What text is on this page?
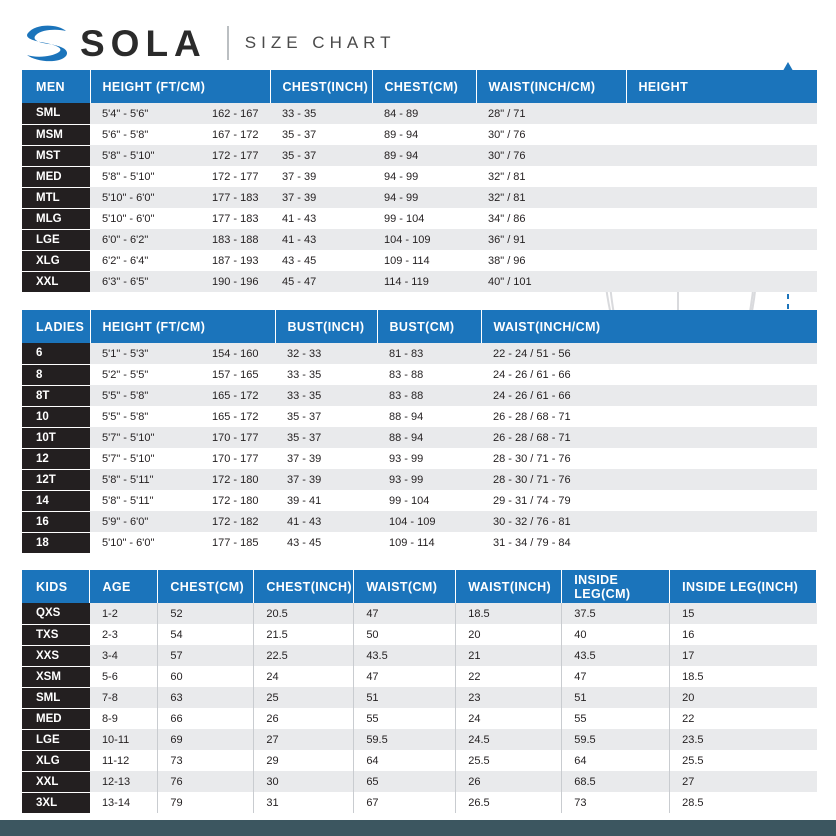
SOLA SIZE CHART
MEN	HEIGHT (FT/CM)	CHEST(INCH)	CHEST(CM)	WAIST(INCH/CM)	HEIGHT
SML	5'4" - 5'6" 162 - 167	33 - 35	84 - 89	28" / 71	
MSM	5'6" - 5'8" 167 - 172	35 - 37	89 - 94	30" / 76	
MST	5'8" - 5'10" 172 - 177	35 - 37	89 - 94	30" / 76	
MED	5'8" - 5'10" 172 - 177	37 - 39	94 - 99	32" / 81	
MTL	5'10" - 6'0" 177 - 183	37 - 39	94 - 99	32" / 81	
MLG	5'10" - 6'0" 177 - 183	41 - 43	99 - 104	34" / 86	
LGE	6'0" - 6'2" 183 - 188	41 - 43	104 - 109	36" / 91	
XLG	6'2" - 6'4" 187 - 193	43 - 45	109 - 114	38" / 96	
XXL	6'3" - 6'5" 190 - 196	45 - 47	114 - 119	40" / 101	
LADIES	HEIGHT (FT/CM)	BUST(INCH)	BUST(CM)	WAIST(INCH/CM)
6	5'1" - 5'3" 154 - 160	32 - 33	81 - 83	22 - 24 / 51 - 56
8	5'2" - 5'5" 157 - 165	33 - 35	83 - 88	24 - 26 / 61 - 66
8T	5'5" - 5'8" 165 - 172	33 - 35	83 - 88	24 - 26 / 61 - 66
10	5'5" - 5'8" 165 - 172	35 - 37	88 - 94	26 - 28 / 68 - 71
10T	5'7" - 5'10" 170 - 177	35 - 37	88 - 94	26 - 28 / 68 - 71
12	5'7" - 5'10" 170 - 177	37 - 39	93 - 99	28 - 30 / 71 - 76
12T	5'8" - 5'11" 172 - 180	37 - 39	93 - 99	28 - 30 / 71 - 76
14	5'8" - 5'11" 172 - 180	39 - 41	99 - 104	29 - 31 / 74 - 79
16	5'9" - 6'0" 172 - 182	41 - 43	104 - 109	30 - 32 / 76 - 81
18	5'10" - 6'0" 177 - 185	43 - 45	109 - 114	31 - 34 / 79 - 84
KIDS	AGE	CHEST(CM)	CHEST(INCH)	WAIST(CM)	WAIST(INCH)	INSIDE LEG(CM)	INSIDE LEG(INCH)
QXS	1-2	52	20.5	47	18.5	37.5	15
TXS	2-3	54	21.5	50	20	40	16
XXS	3-4	57	22.5	43.5	21	43.5	17
XSM	5-6	60	24	47	22	47	18.5
SML	7-8	63	25	51	23	51	20
MED	8-9	66	26	55	24	55	22
LGE	10-11	69	27	59.5	24.5	59.5	23.5
XLG	11-12	73	29	64	25.5	64	25.5
XXL	12-13	76	30	65	26	68.5	27
3XL	13-14	79	31	67	26.5	73	28.5
